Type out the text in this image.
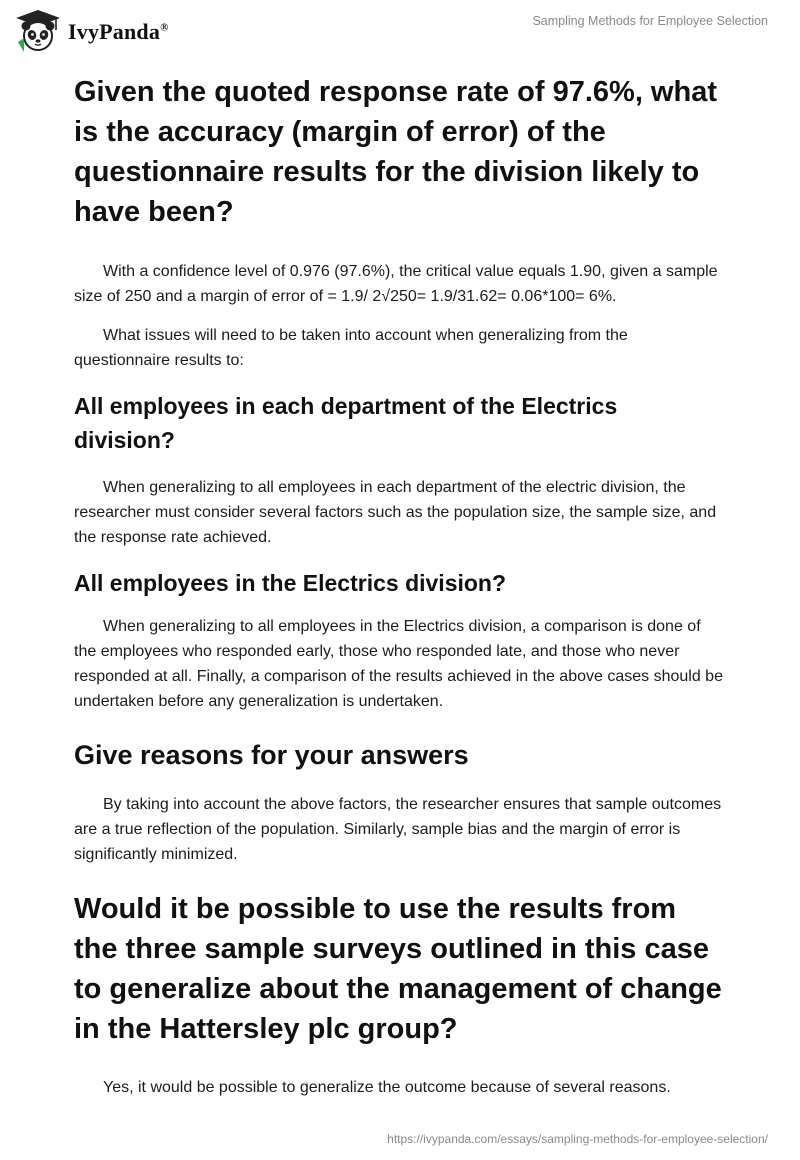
IvyPanda®	Sampling Methods for Employee Selection
Given the quoted response rate of 97.6%, what is the accuracy (margin of error) of the questionnaire results for the division likely to have been?

With a confidence level of 0.976 (97.6%), the critical value equals 1.90, given a sample size of 250 and a margin of error of = 1.9/ 2√250= 1.9/31.62= 0.06*100= 6%.

What issues will need to be taken into account when generalizing from the questionnaire results to:

All employees in each department of the Electrics division?

When generalizing to all employees in each department of the electric division, the researcher must consider several factors such as the population size, the sample size, and the response rate achieved.

All employees in the Electrics division?

When generalizing to all employees in the Electrics division, a comparison is done of the employees who responded early, those who responded late, and those who never responded at all. Finally, a comparison of the results achieved in the above cases should be undertaken before any generalization is undertaken.

Give reasons for your answers

By taking into account the above factors, the researcher ensures that sample outcomes are a true reflection of the population. Similarly, sample bias and the margin of error is significantly minimized.

Would it be possible to use the results from the three sample surveys outlined in this case to generalize about the management of change in the Hattersley plc group?

Yes, it would be possible to generalize the outcome because of several reasons.

https://ivypanda.com/essays/sampling-methods-for-employee-selection/
